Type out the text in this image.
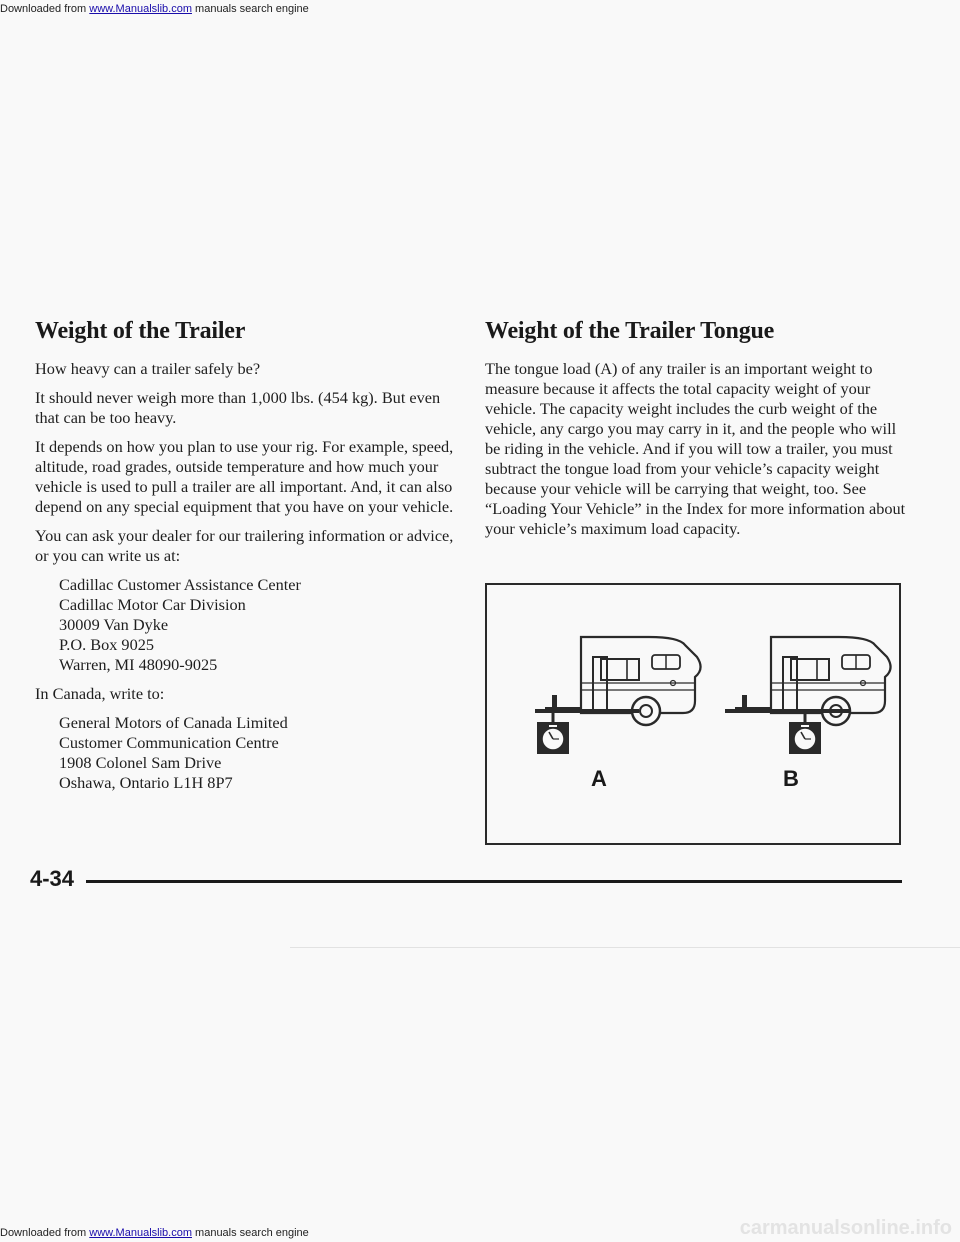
Downloaded from www.Manualslib.com manuals search engine
Weight of the Trailer

How heavy can a trailer safely be?

It should never weigh more than 1,000 lbs. (454 kg). But even that can be too heavy.

It depends on how you plan to use your rig. For example, speed, altitude, road grades, outside temperature and how much your vehicle is used to pull a trailer are all important. And, it can also depend on any special equipment that you have on your vehicle.

You can ask your dealer for our trailering information or advice, or you can write us at:

Cadillac Customer Assistance Center
Cadillac Motor Car Division
30009 Van Dyke
P.O. Box 9025
Warren, MI 48090-9025

In Canada, write to:

General Motors of Canada Limited
Customer Communication Centre
1908 Colonel Sam Drive
Oshawa, Ontario L1H 8P7
Weight of the Trailer Tongue

The tongue load (A) of any trailer is an important weight to measure because it affects the total capacity weight of your vehicle. The capacity weight includes the curb weight of the vehicle, any cargo you may carry in it, and the people who will be riding in the vehicle. And if you will tow a trailer, you must subtract the tongue load from your vehicle’s capacity weight because your vehicle will be carrying that weight, too. See “Loading Your Vehicle” in the Index for more information about your vehicle’s maximum load capacity.

A	B
4-34
Downloaded from www.Manualslib.com manuals search engine	carmanualsonline.info
